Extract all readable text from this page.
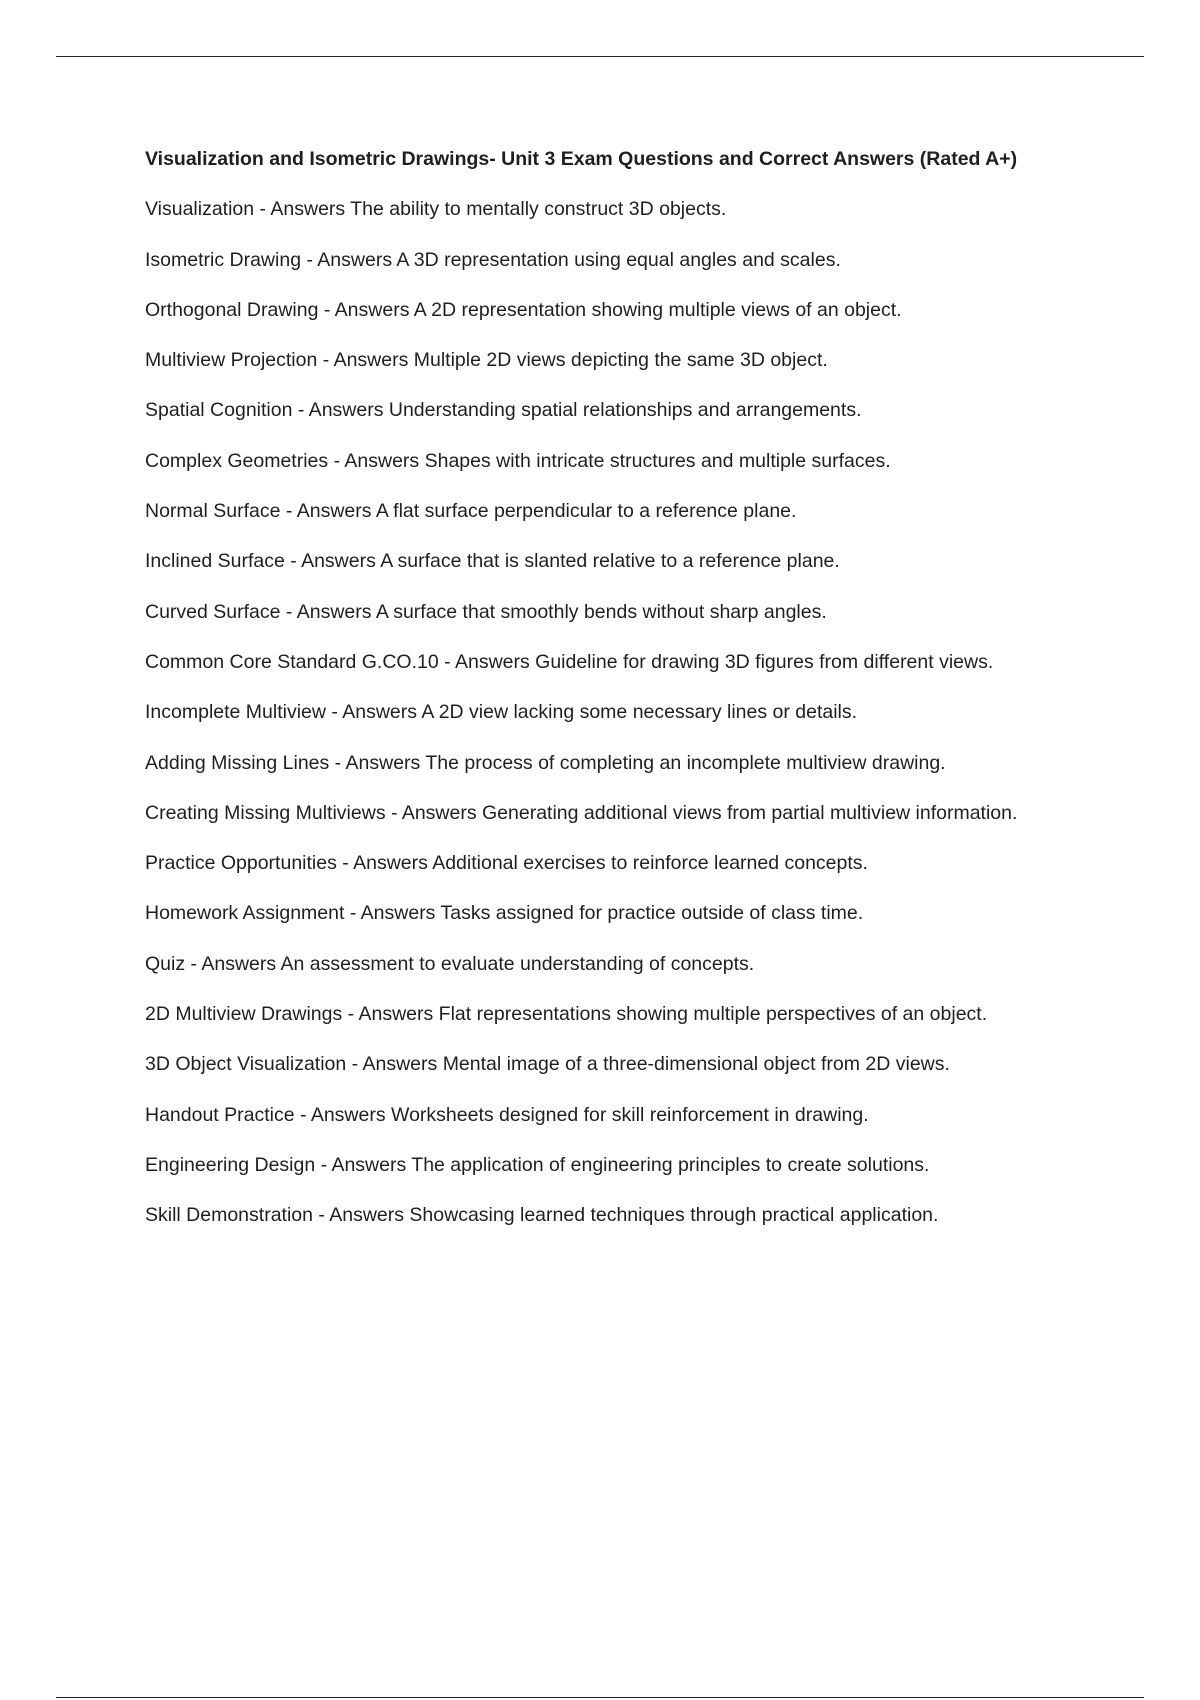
Visualization and Isometric Drawings- Unit 3 Exam Questions and Correct Answers (Rated A+)
Visualization - Answers The ability to mentally construct 3D objects.
Isometric Drawing - Answers A 3D representation using equal angles and scales.
Orthogonal Drawing - Answers A 2D representation showing multiple views of an object.
Multiview Projection - Answers Multiple 2D views depicting the same 3D object.
Spatial Cognition - Answers Understanding spatial relationships and arrangements.
Complex Geometries - Answers Shapes with intricate structures and multiple surfaces.
Normal Surface - Answers A flat surface perpendicular to a reference plane.
Inclined Surface - Answers A surface that is slanted relative to a reference plane.
Curved Surface - Answers A surface that smoothly bends without sharp angles.
Common Core Standard G.CO.10 - Answers Guideline for drawing 3D figures from different views.
Incomplete Multiview - Answers A 2D view lacking some necessary lines or details.
Adding Missing Lines - Answers The process of completing an incomplete multiview drawing.
Creating Missing Multiviews - Answers Generating additional views from partial multiview information.
Practice Opportunities - Answers Additional exercises to reinforce learned concepts.
Homework Assignment - Answers Tasks assigned for practice outside of class time.
Quiz - Answers An assessment to evaluate understanding of concepts.
2D Multiview Drawings - Answers Flat representations showing multiple perspectives of an object.
3D Object Visualization - Answers Mental image of a three-dimensional object from 2D views.
Handout Practice - Answers Worksheets designed for skill reinforcement in drawing.
Engineering Design - Answers The application of engineering principles to create solutions.
Skill Demonstration - Answers Showcasing learned techniques through practical application.
